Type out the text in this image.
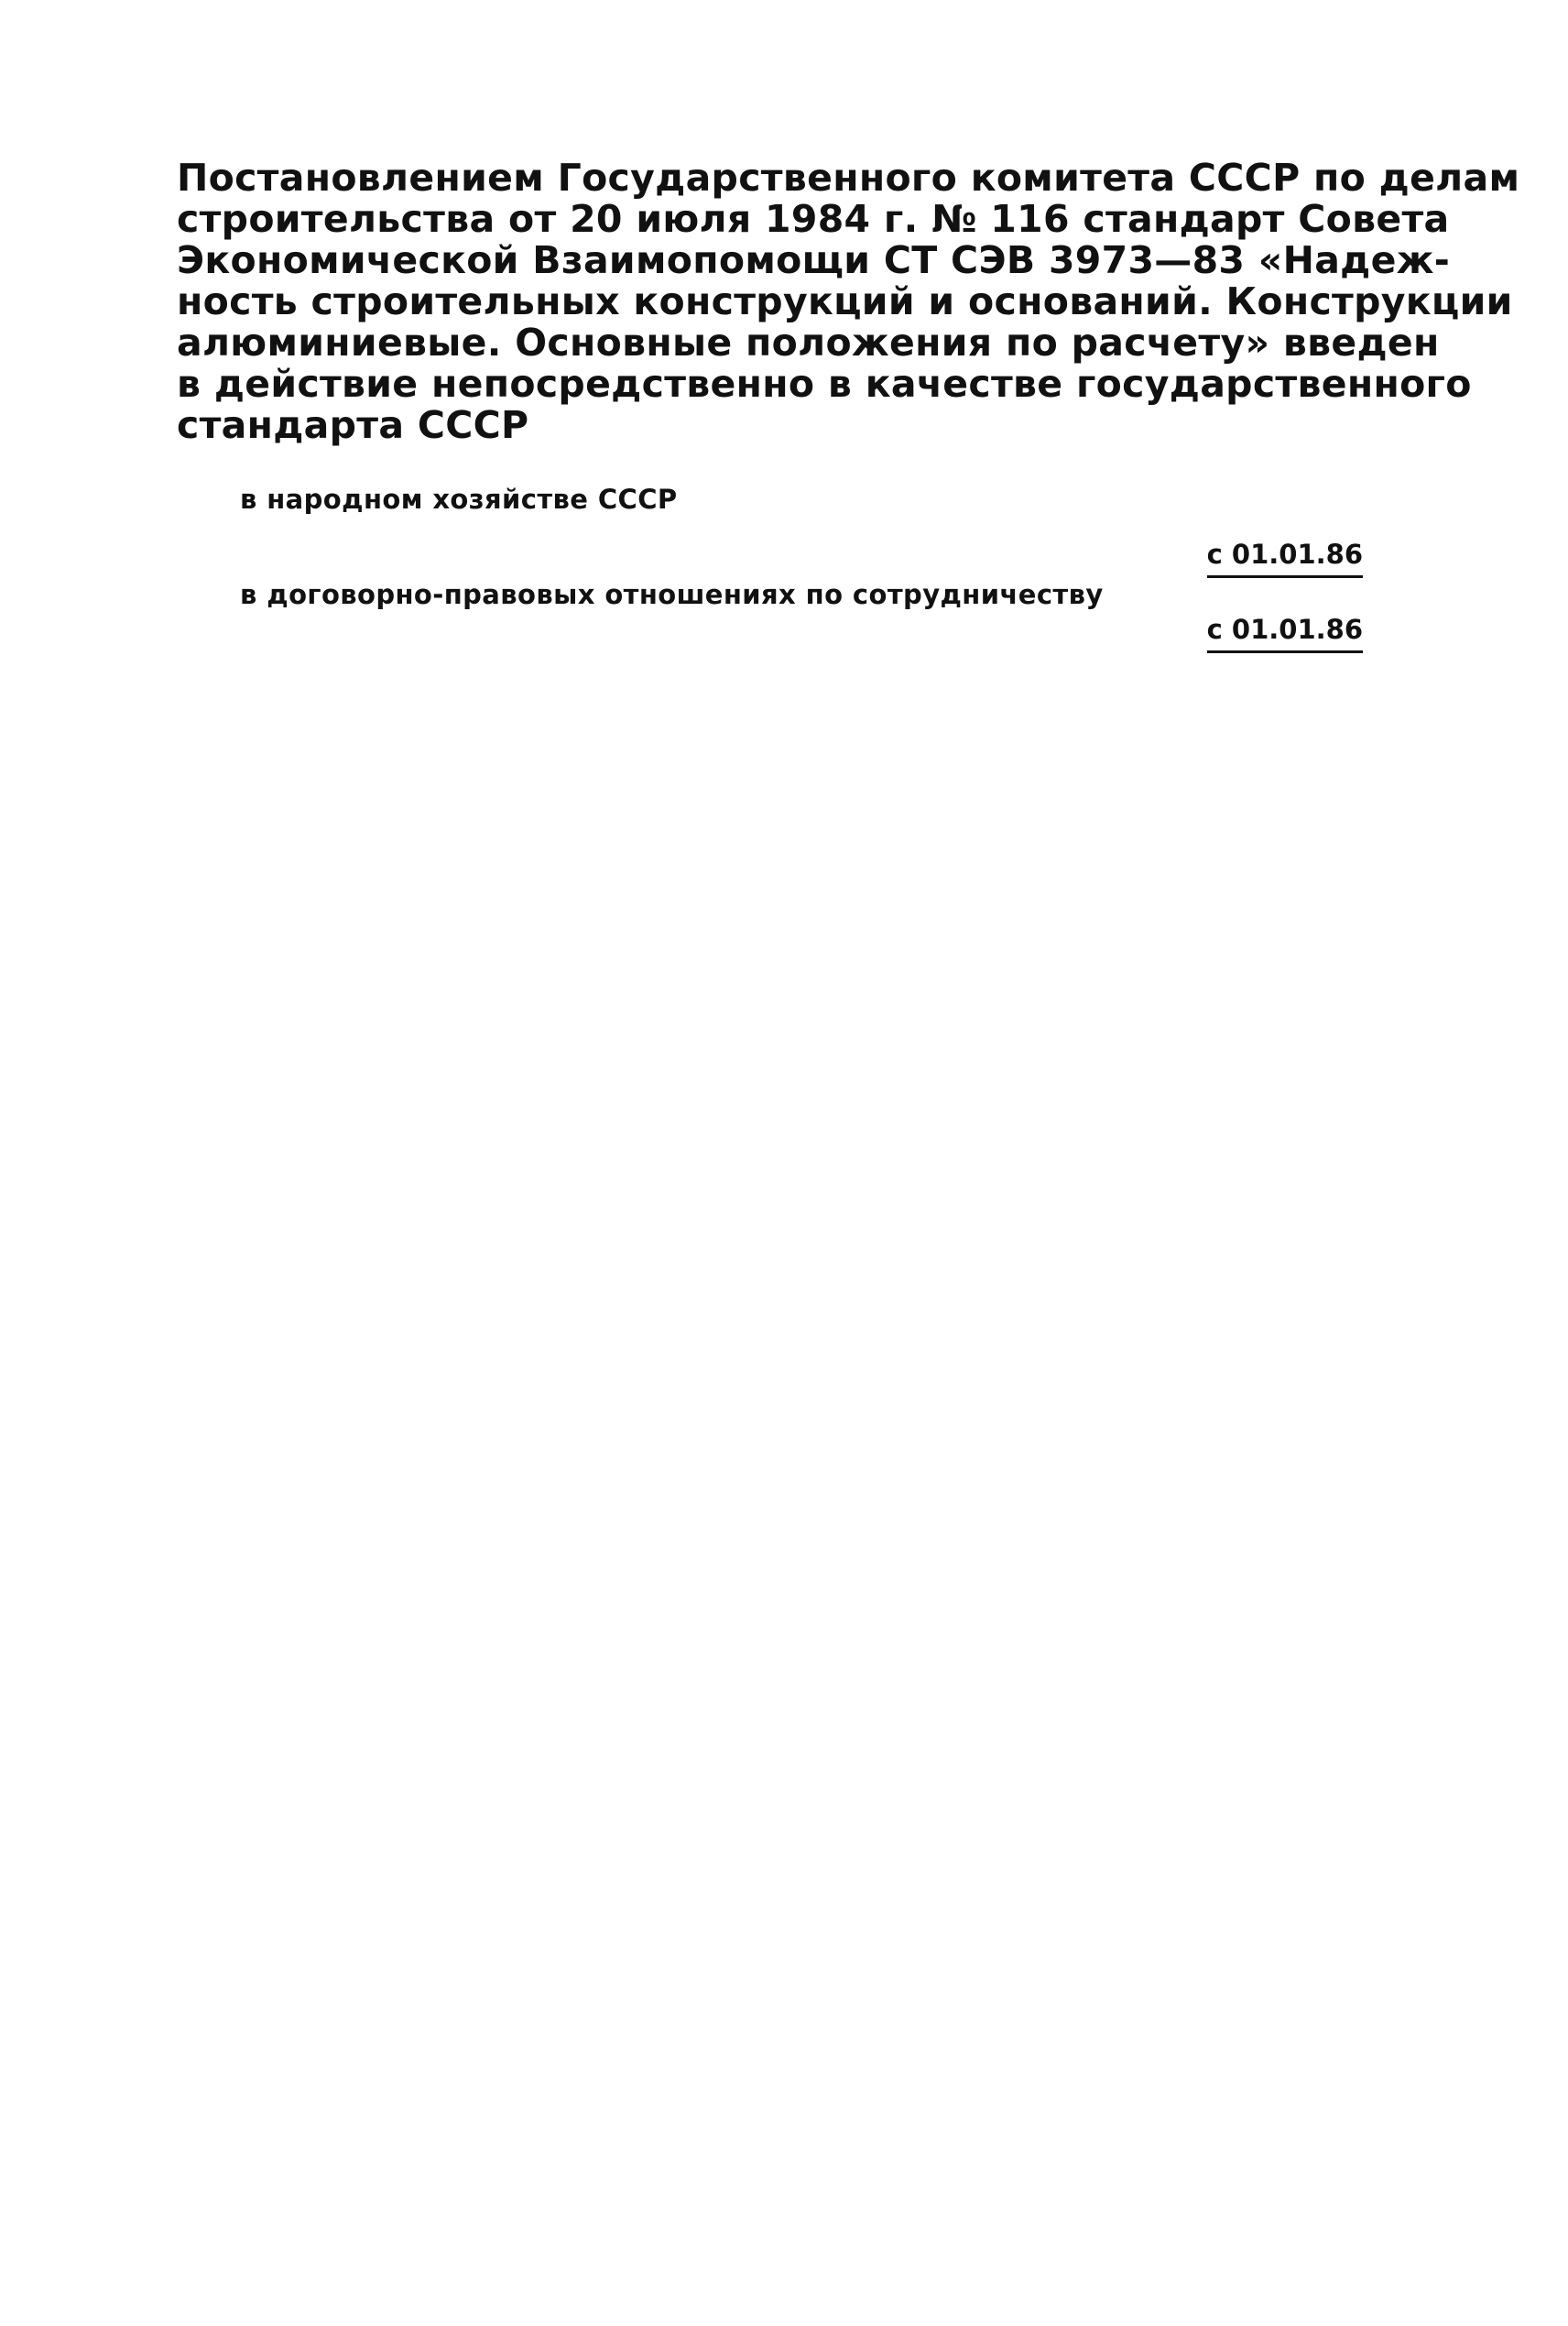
Постановлением Государственного комитета СССР по делам
строительства от 20 июля 1984 г. № 116 стандарт Совета
Экономической Взаимопомощи СТ СЭВ 3973—83 «Надеж-
ность строительных конструкций и оснований. Конструкции
алюминиевые. Основные положения по расчету» введен
в действие непосредственно в качестве государственного
стандарта СССР
в народном хозяйстве СССР
с 01.01.86
в договорно-правовых отношениях по сотрудничеству
с 01.01.86
